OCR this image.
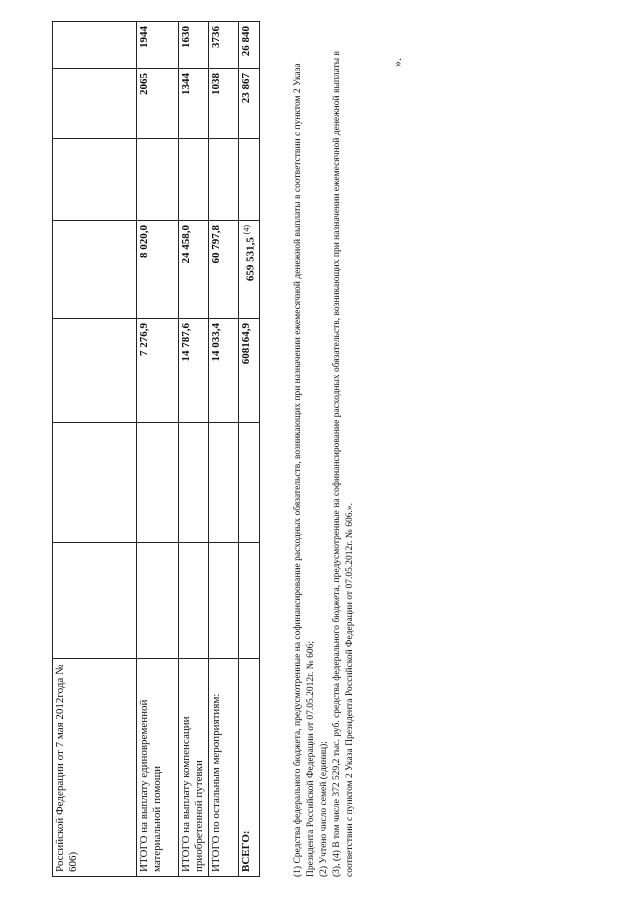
Российской Федерации от 7 мая 2012года № 606)							
ИТОГО на выплату единовременной материальной помощи			7 276,9	8 020,0		2065	1944
ИТОГО на выплату компенсации приобретенной путевки			14 787,6	24 458,0		1344	1630
ИТОГО по остальным мероприятиям:			14 033,4	60 797,8		1038	3736
ВСЕГО:			608164,9	659 531,5 $^{(4)}$		23 867	26 840

(1) Средства федерального бюджета, предусмотренные на софинансирование расходных обязательств, возникающих при назначении ежемесячной денежной выплаты в соответствии с пунктом 2 Указа Президента Российской Федерации от 07.05.2012г. № 606; (2) Учтено число семей (единиц); (3), (4) В том числе 372 529,2 тыс. руб. средства федерального бюджета, предусмотренные на софинансирование расходных обязательств, возникающих при назначении ежемесячной денежной выплаты в соответствии с пунктом 2 Указа Президента Российской Федерации от 07.05.2012г. № 606.».

».
